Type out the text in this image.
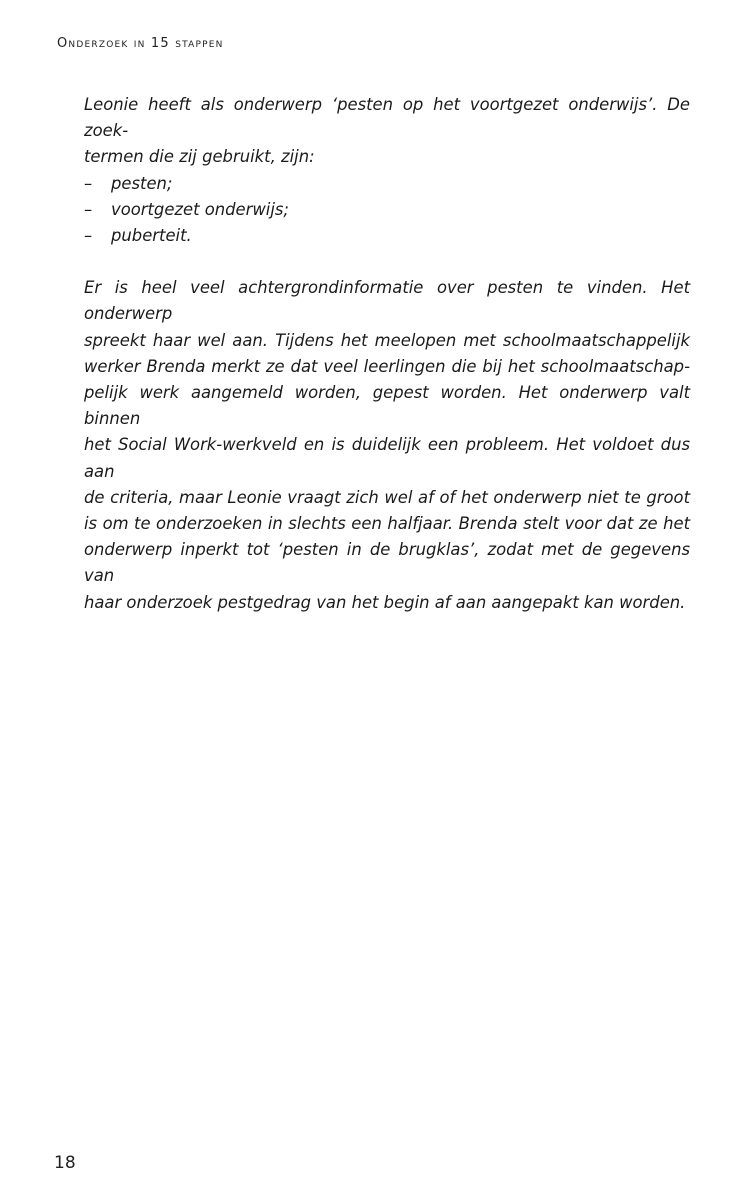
Onderzoek in 15 stappen

Leonie heeft als onderwerp ‘pesten op het voortgezet onderwijs’. De zoek-
termen die zij gebruikt, zijn:

–	pesten;
–	voortgezet onderwijs;
–	puberteit.

Er is heel veel achtergrondinformatie over pesten te vinden. Het onderwerp
spreekt haar wel aan. Tijdens het meelopen met schoolmaatschappelijk
werker Brenda merkt ze dat veel leerlingen die bij het schoolmaatschap-
pelijk werk aangemeld worden, gepest worden. Het onderwerp valt binnen
het Social Work-werkveld en is duidelijk een probleem. Het voldoet dus aan
de criteria, maar Leonie vraagt zich wel af of het onderwerp niet te groot
is om te onderzoeken in slechts een halfjaar. Brenda stelt voor dat ze het
onderwerp inperkt tot ‘pesten in de brugklas’, zodat met de gegevens van
haar onderzoek pestgedrag van het begin af aan aangepakt kan worden.

18
